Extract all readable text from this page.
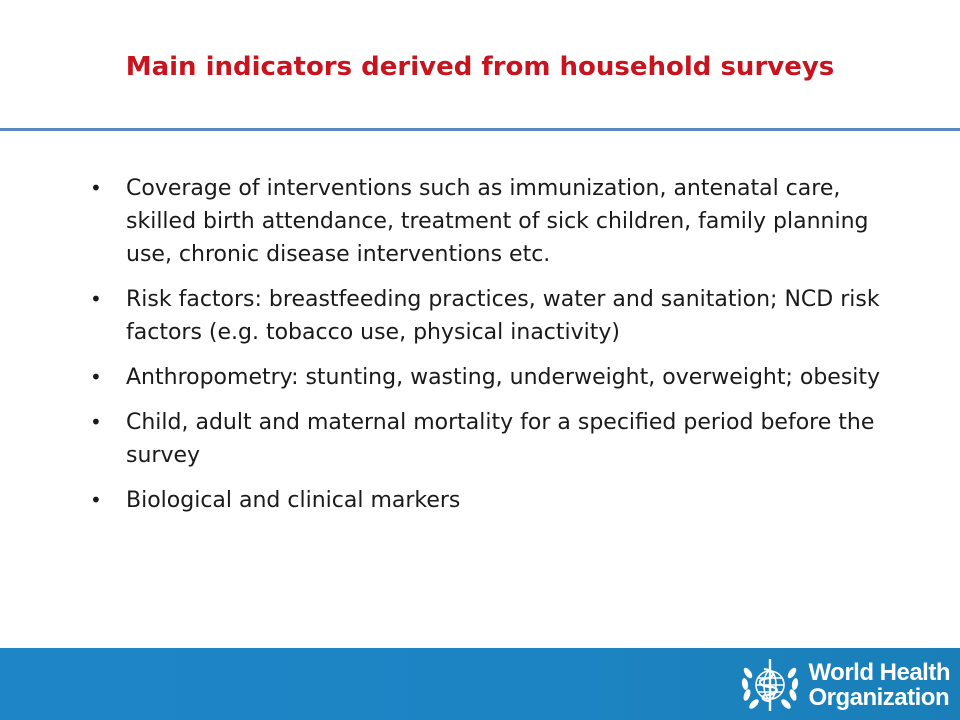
Main indicators derived from household surveys
•	Coverage of interventions such as immunization, antenatal care, skilled birth attendance, treatment of sick children, family planning use, chronic disease interventions etc.
•	Risk factors: breastfeeding practices, water and sanitation; NCD risk factors (e.g. tobacco use, physical inactivity)
•	Anthropometry: stunting, wasting, underweight, overweight; obesity
•	Child, adult and maternal mortality for a specified period before the survey
•	Biological and clinical markers
World Health
Organization
